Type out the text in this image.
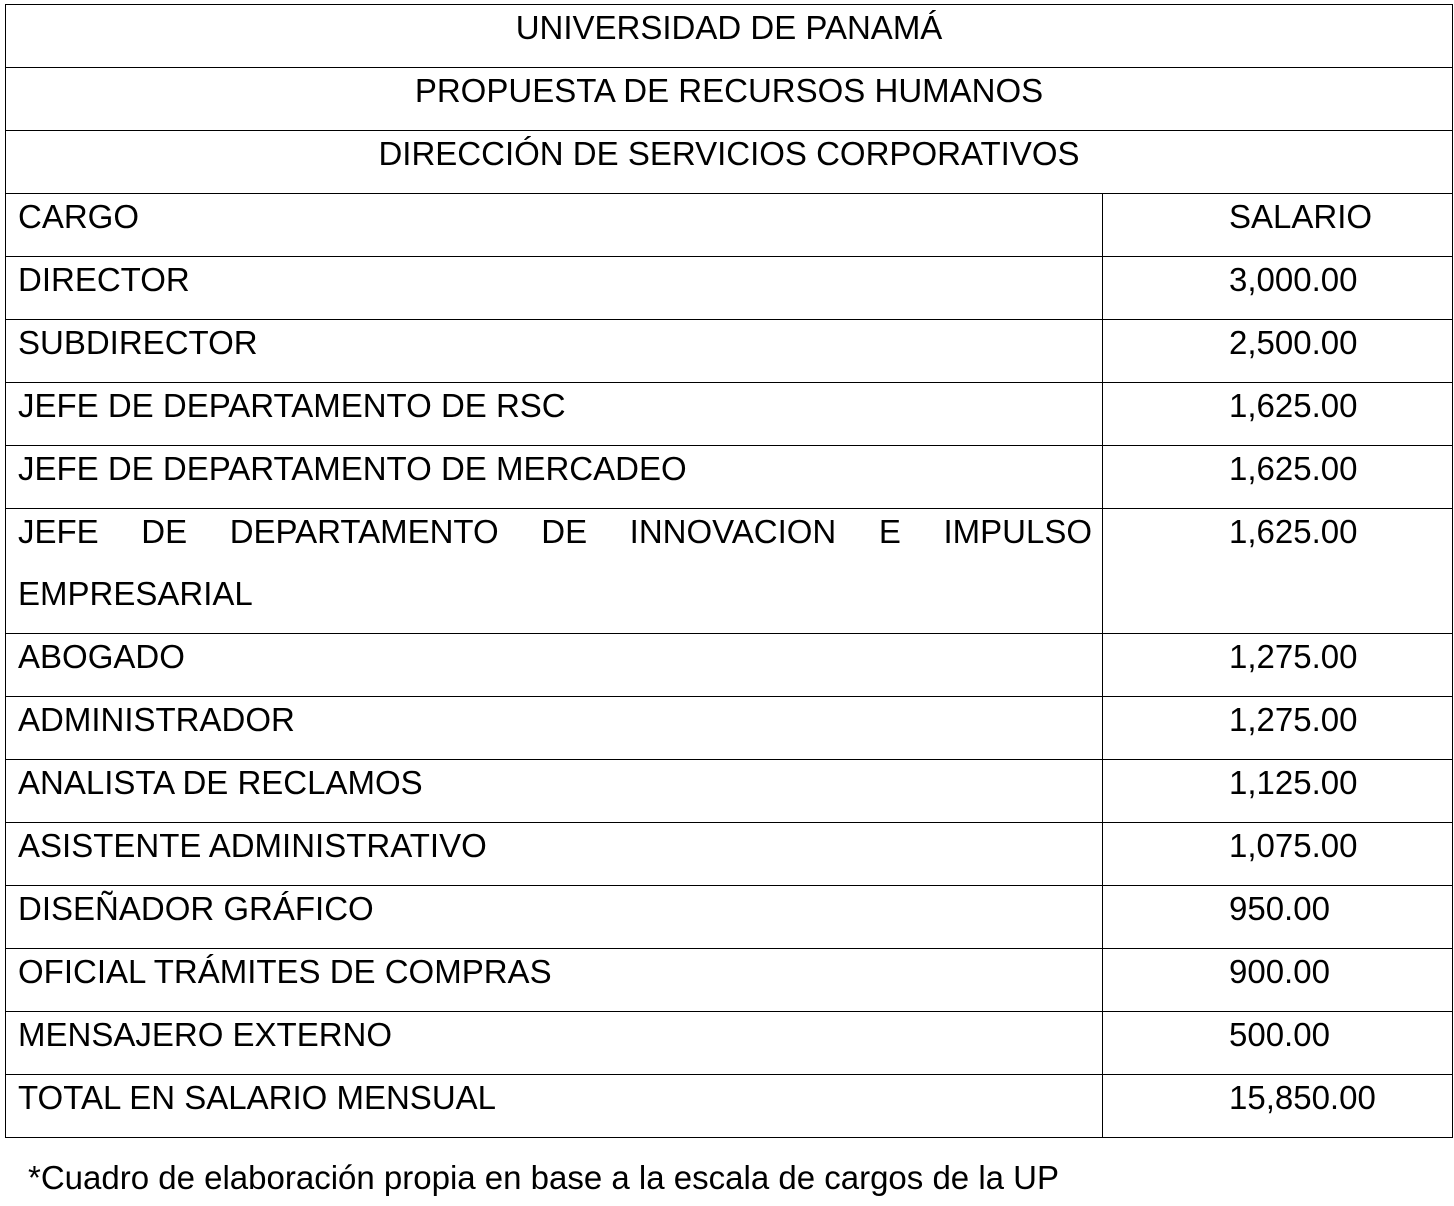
UNIVERSIDAD DE PANAMÁ	
PROPUESTA DE RECURSOS HUMANOS	
DIRECCIÓN DE SERVICIOS CORPORATIVOS	
CARGO	SALARIO
DIRECTOR	3,000.00
SUBDIRECTOR	2,500.00
JEFE DE DEPARTAMENTO DE RSC	1,625.00
JEFE DE DEPARTAMENTO DE MERCADEO	1,625.00

JEFE DE DEPARTAMENTO DE INNOVACION E IMPULSO EMPRESARIAL	1,625.00
ABOGADO	1,275.00
ADMINISTRADOR	1,275.00
ANALISTA DE RECLAMOS	1,125.00
ASISTENTE ADMINISTRATIVO	1,075.00
DISEÑADOR GRÁFICO	950.00
OFICIAL TRÁMITES DE COMPRAS	900.00
MENSAJERO EXTERNO	500.00
TOTAL EN SALARIO MENSUAL	15,850.00
*Cuadro de elaboración propia en base a la escala de cargos de la UP
